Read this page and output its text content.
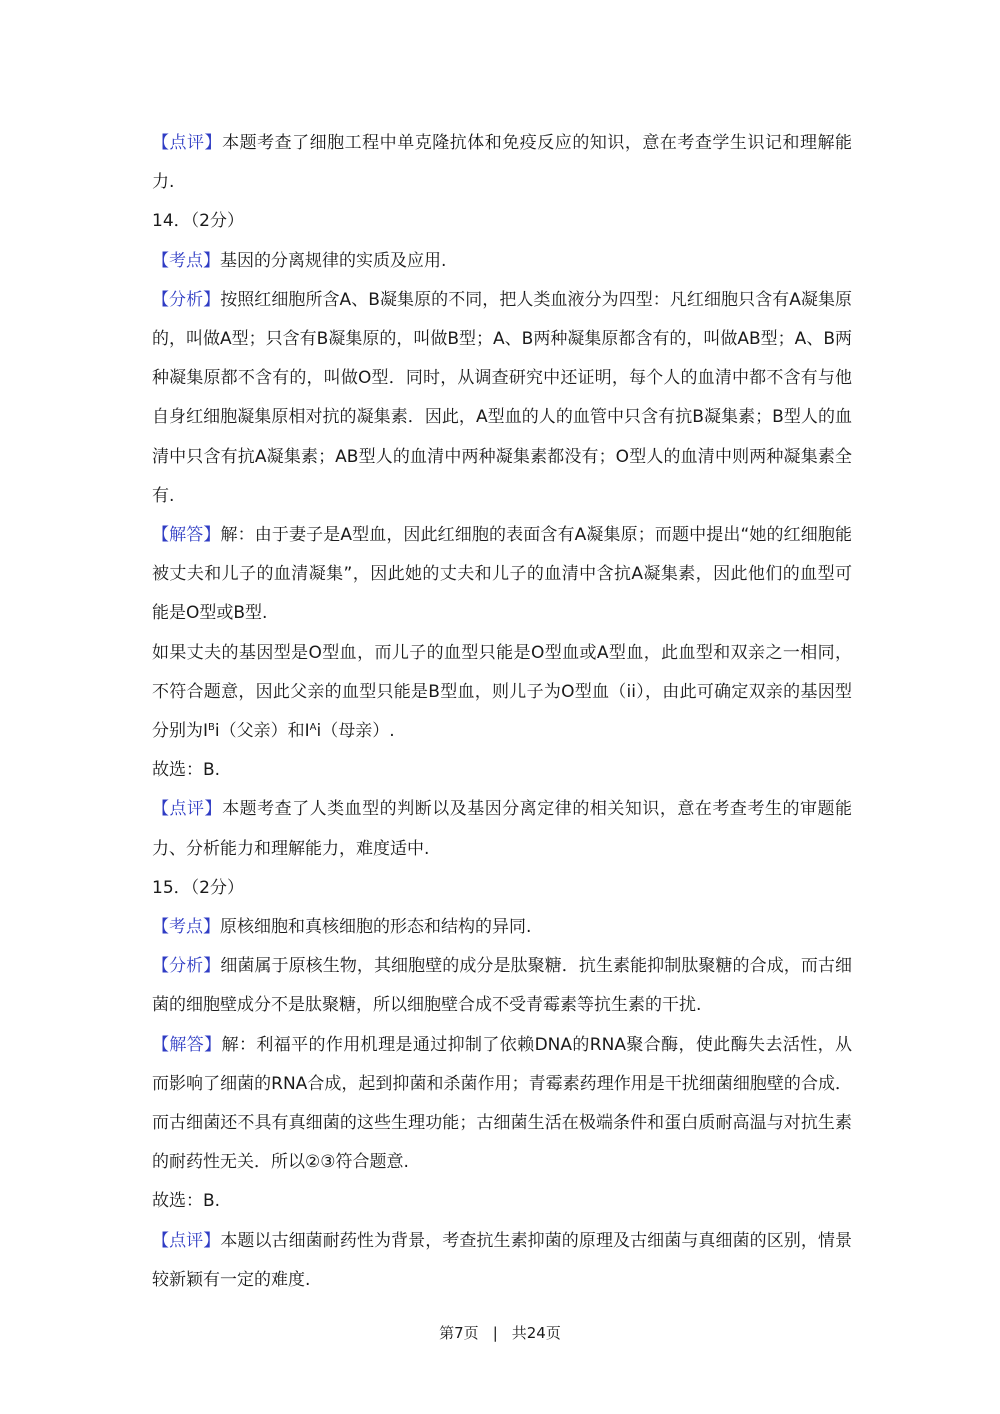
【点评】本题考查了细胞工程中单克隆抗体和免疫反应的知识，意在考查学生识记和理解能力.

14．（2分）

【考点】基因的分离规律的实质及应用.

【分析】按照红细胞所含A、B凝集原的不同，把人类血液分为四型：凡红细胞只含有A凝集原的，叫做A型；只含有B凝集原的，叫做B型；A、B两种凝集原都含有的，叫做AB型；A、B两种凝集原都不含有的，叫做O型．同时，从调查研究中还证明，每个人的血清中都不含有与他自身红细胞凝集原相对抗的凝集素．因此，A型血的人的血管中只含有抗B凝集素；B型人的血清中只含有抗A凝集素；AB型人的血清中两种凝集素都没有；O型人的血清中则两种凝集素全有.

【解答】解：由于妻子是A型血，因此红细胞的表面含有A凝集原；而题中提出“她的红细胞能被丈夫和儿子的血清凝集”，因此她的丈夫和儿子的血清中含抗A凝集素，因此他们的血型可能是O型或B型.

如果丈夫的基因型是O型血，而儿子的血型只能是O型血或A型血，此血型和双亲之一相同，不符合题意，因此父亲的血型只能是B型血，则儿子为O型血（ii），由此可确定双亲的基因型分别为$I^Bi$（父亲）和$I^Ai$（母亲）.

故选：B.

【点评】本题考查了人类血型的判断以及基因分离定律的相关知识，意在考查考生的审题能力、分析能力和理解能力，难度适中.

15．（2分）

【考点】原核细胞和真核细胞的形态和结构的异同.

【分析】细菌属于原核生物，其细胞壁的成分是肽聚糖．抗生素能抑制肽聚糖的合成，而古细菌的细胞壁成分不是肽聚糖，所以细胞壁合成不受青霉素等抗生素的干扰.

【解答】解：利福平的作用机理是通过抑制了依赖DNA的RNA聚合酶，使此酶失去活性，从而影响了细菌的RNA合成，起到抑菌和杀菌作用；青霉素药理作用是干扰细菌细胞壁的合成．而古细菌还不具有真细菌的这些生理功能；古细菌生活在极端条件和蛋白质耐高温与对抗生素的耐药性无关．所以②③符合题意.

故选：B.

【点评】本题以古细菌耐药性为背景，考查抗生素抑菌的原理及古细菌与真细菌的区别，情景较新颖有一定的难度.

第7页 | 共24页
